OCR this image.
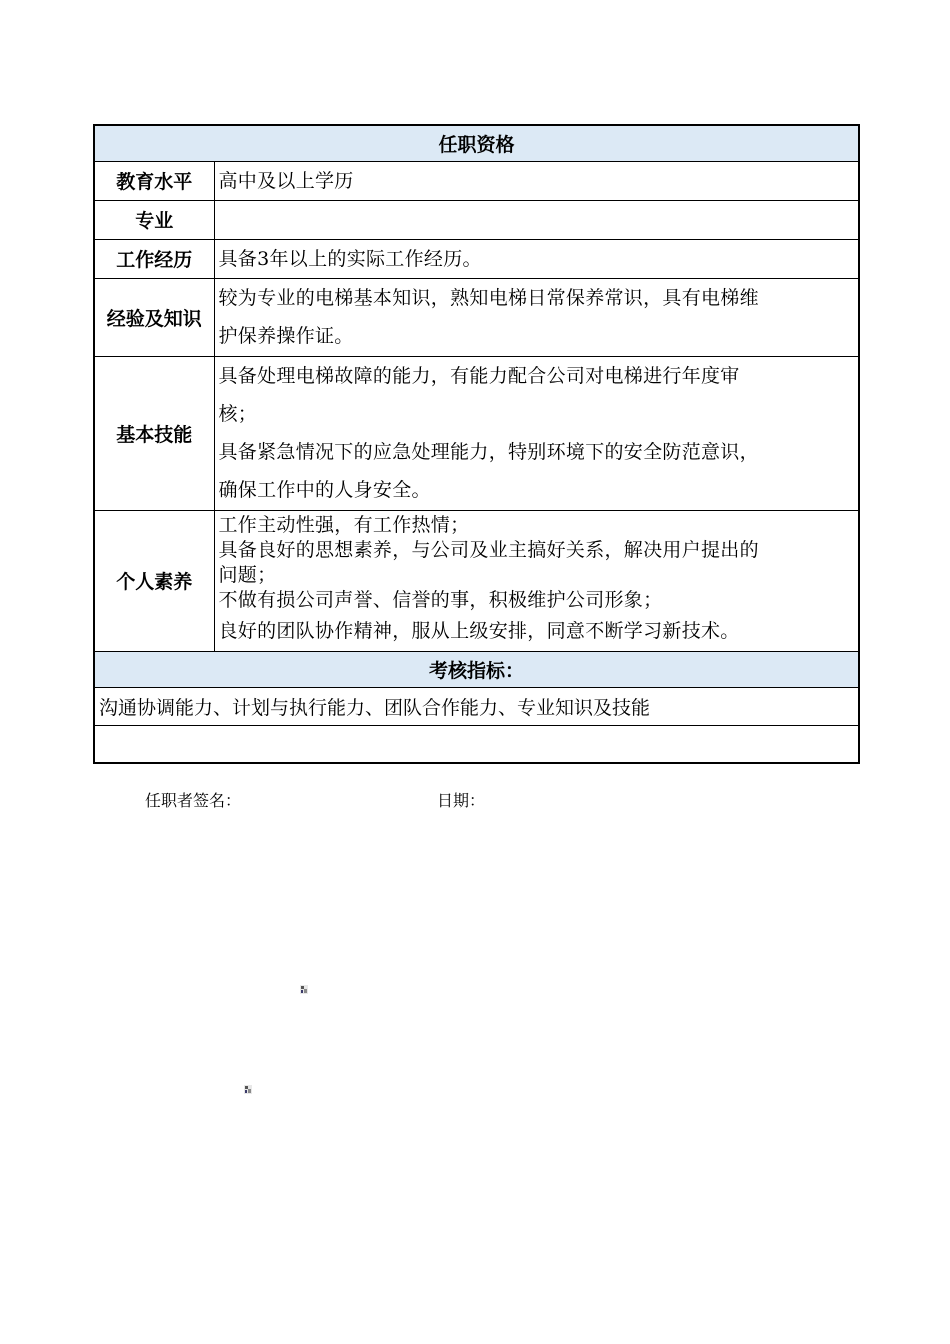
任职资格	
教育水平	高中及以上学历

专业	
工作经历	具备3年以上的实际工作经历。

经验及知识	较为专业的电梯基本知识，熟知电梯日常保养常识，具有电梯维
护保养操作证。

基本技能	具备处理电梯故障的能力，有能力配合公司对电梯进行年度审
核；
具备紧急情况下的应急处理能力，特别环境下的安全防范意识，
确保工作中的人身安全。

个人素养	工作主动性强，有工作热情；
具备良好的思想素养，与公司及业主搞好关系，解决用户提出的
问题；
不做有损公司声誉、信誉的事，积极维护公司形象；
良好的团队协作精神，服从上级安排，同意不断学习新技术。

考核指标：	
沟通协调能力、计划与执行能力、团队合作能力、专业知识及技能	

任职者签名：	日期：
